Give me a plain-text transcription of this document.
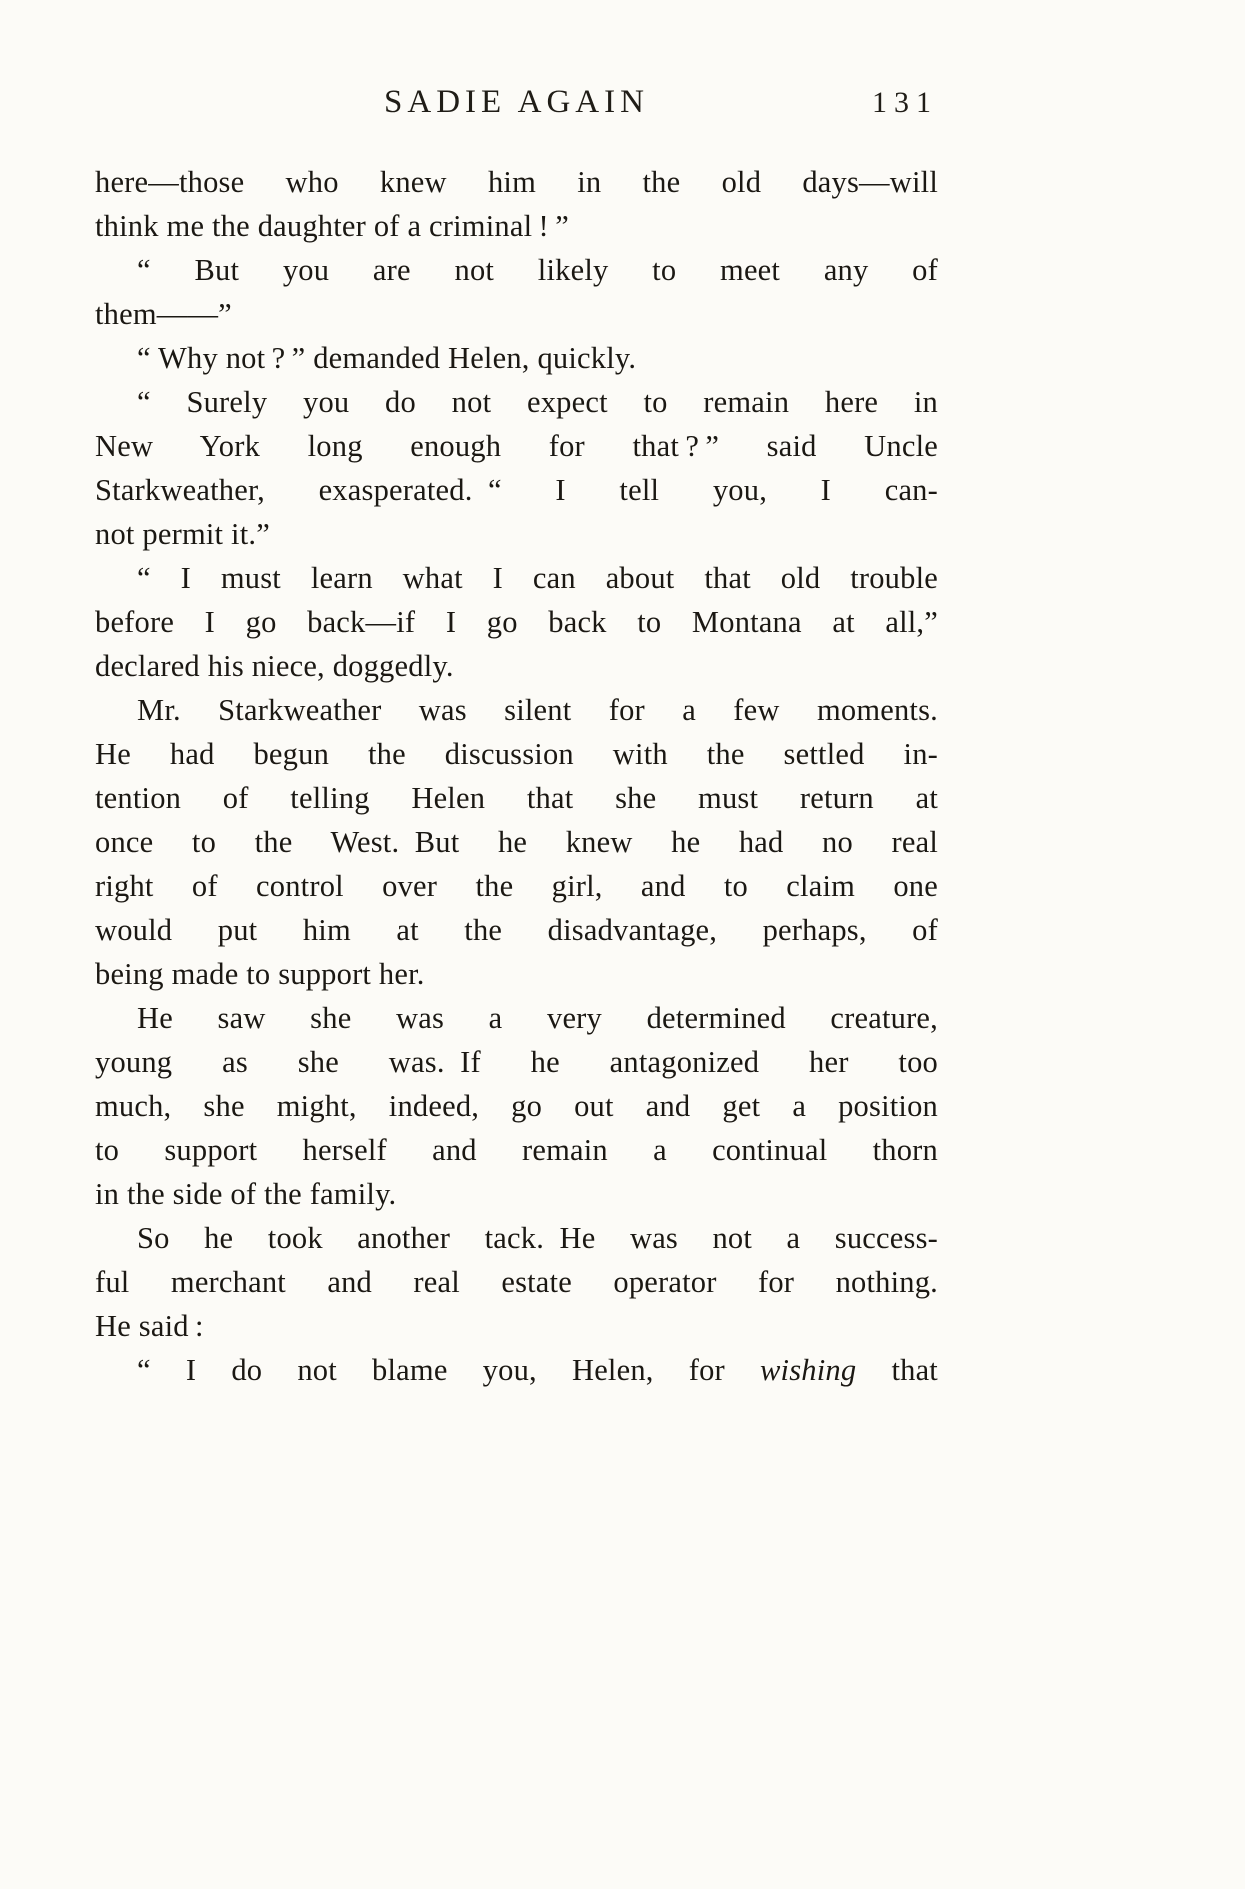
SADIE AGAIN	131
here—those who knew him in the old days—will
think me the daughter of a criminal ! ”
“ But you are not likely to meet any of
them——”
“ Why not ? ” demanded Helen, quickly.
“ Surely you do not expect to remain here in
New York long enough for that ? ” said Uncle
Starkweather, exasperated. “ I tell you, I can-
not permit it.”
“ I must learn what I can about that old trouble
before I go back—if I go back to Montana at all,”
declared his niece, doggedly.
Mr. Starkweather was silent for a few moments.
He had begun the discussion with the settled in-
tention of telling Helen that she must return at
once to the West. But he knew he had no real
right of control over the girl, and to claim one
would put him at the disadvantage, perhaps, of
being made to support her.
He saw she was a very determined creature,
young as she was. If he antagonized her too
much, she might, indeed, go out and get a position
to support herself and remain a continual thorn
in the side of the family.
So he took another tack. He was not a success-
ful merchant and real estate operator for nothing.
He said :
“ I do not blame you, Helen, for wishing that
